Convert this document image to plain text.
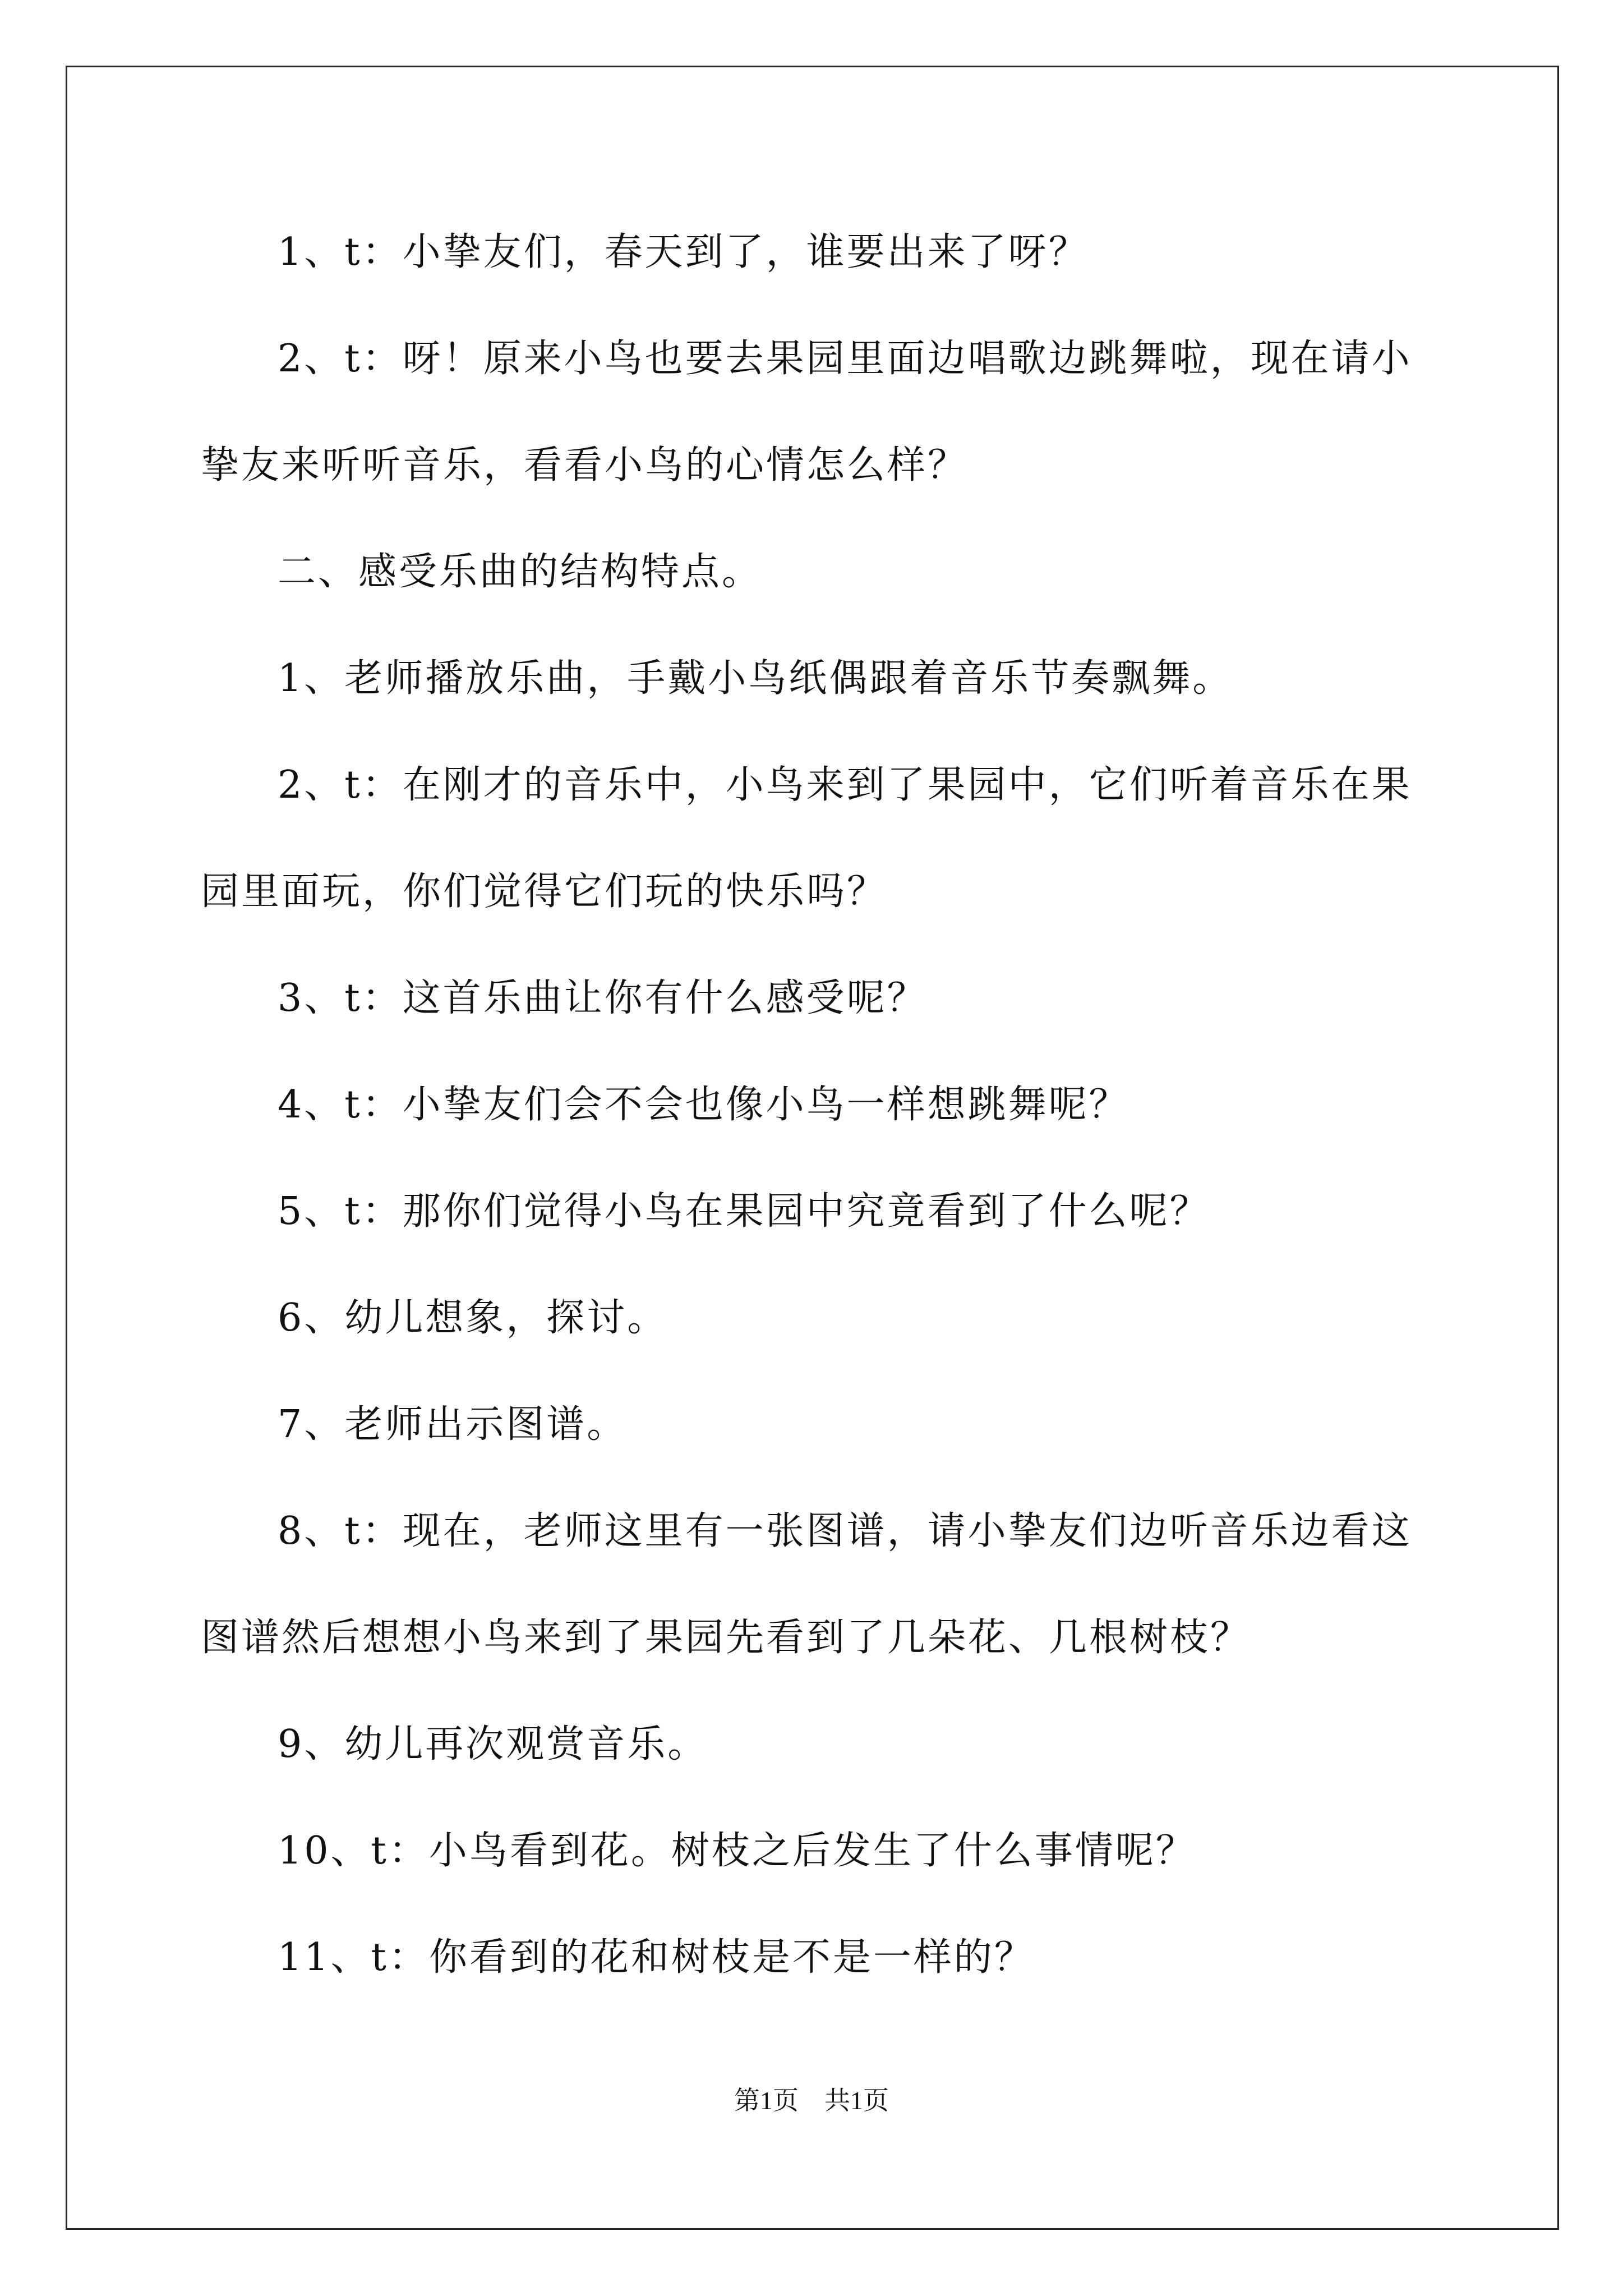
1、t：小挚友们，春天到了，谁要出来了呀？
2、t：呀！原来小鸟也要去果园里面边唱歌边跳舞啦，现在请小
挚友来听听音乐，看看小鸟的心情怎么样？
二、感受乐曲的结构特点。
1、老师播放乐曲，手戴小鸟纸偶跟着音乐节奏飘舞。
2、t：在刚才的音乐中，小鸟来到了果园中，它们听着音乐在果
园里面玩，你们觉得它们玩的快乐吗？
3、t：这首乐曲让你有什么感受呢？
4、t：小挚友们会不会也像小鸟一样想跳舞呢？
5、t：那你们觉得小鸟在果园中究竟看到了什么呢？
6、幼儿想象，探讨。
7、老师出示图谱。
8、t：现在，老师这里有一张图谱，请小挚友们边听音乐边看这
图谱然后想想小鸟来到了果园先看到了几朵花、几根树枝？
9、幼儿再次观赏音乐。
10、t：小鸟看到花。树枝之后发生了什么事情呢？
11、t：你看到的花和树枝是不是一样的？
第1页　共1页
